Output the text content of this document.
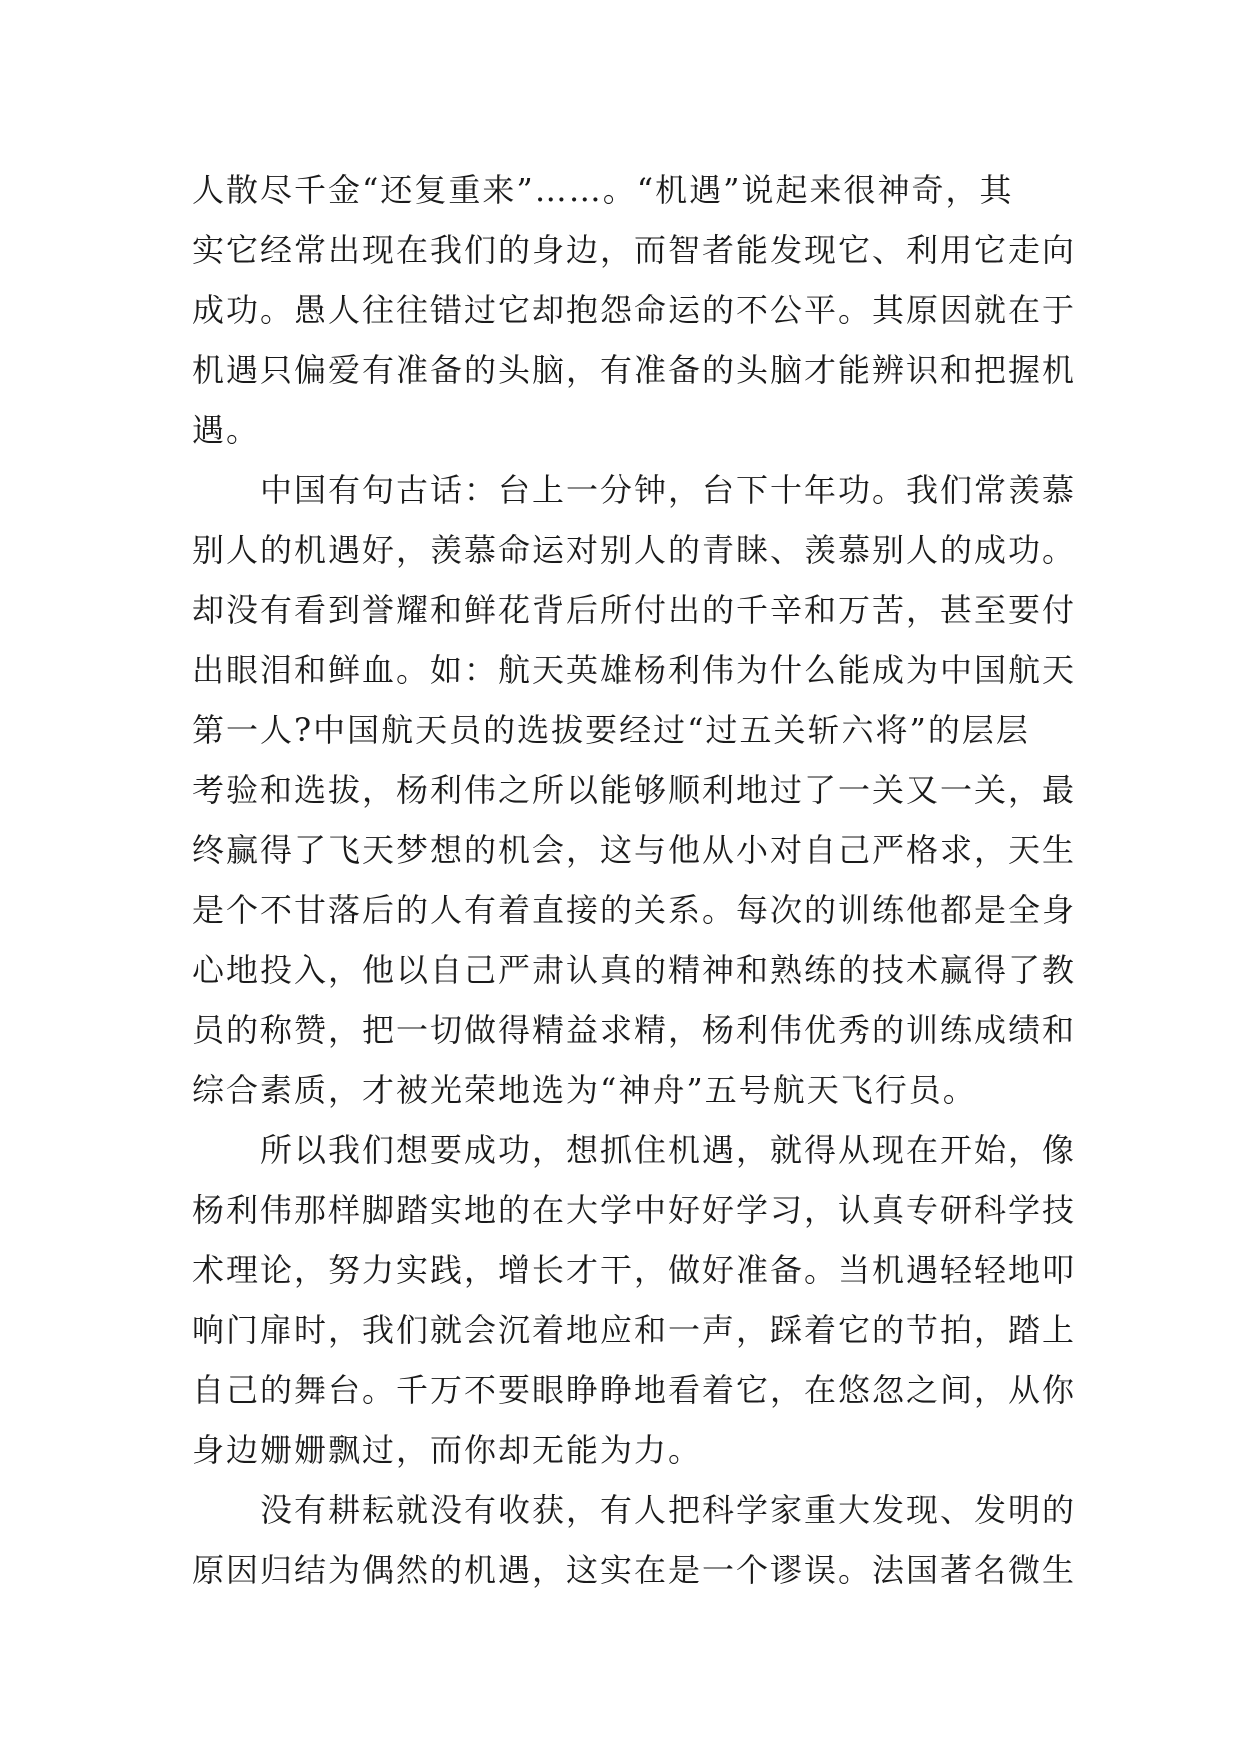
人散尽千金“还复重来”……。“机遇”说起来很神奇，其
实它经常出现在我们的身边，而智者能发现它、利用它走向
成功。愚人往往错过它却抱怨命运的不公平。其原因就在于
机遇只偏爱有准备的头脑，有准备的头脑才能辨识和把握机
遇。
　　中国有句古话：台上一分钟，台下十年功。我们常羡慕
别人的机遇好，羡慕命运对别人的青睐、羡慕别人的成功。
却没有看到誉耀和鲜花背后所付出的千辛和万苦，甚至要付
出眼泪和鲜血。如：航天英雄杨利伟为什么能成为中国航天
第一人?中国航天员的选拔要经过“过五关斩六将”的层层
考验和选拔，杨利伟之所以能够顺利地过了一关又一关，最
终赢得了飞天梦想的机会，这与他从小对自己严格求，天生
是个不甘落后的人有着直接的关系。每次的训练他都是全身
心地投入，他以自己严肃认真的精神和熟练的技术赢得了教
员的称赞，把一切做得精益求精，杨利伟优秀的训练成绩和
综合素质，才被光荣地选为“神舟”五号航天飞行员。
　　所以我们想要成功，想抓住机遇，就得从现在开始，像
杨利伟那样脚踏实地的在大学中好好学习，认真专研科学技
术理论，努力实践，增长才干，做好准备。当机遇轻轻地叩
响门扉时，我们就会沉着地应和一声，踩着它的节拍，踏上
自己的舞台。千万不要眼睁睁地看着它，在悠忽之间，从你
身边姗姗飘过，而你却无能为力。
　　没有耕耘就没有收获，有人把科学家重大发现、发明的
原因归结为偶然的机遇，这实在是一个谬误。法国著名微生
